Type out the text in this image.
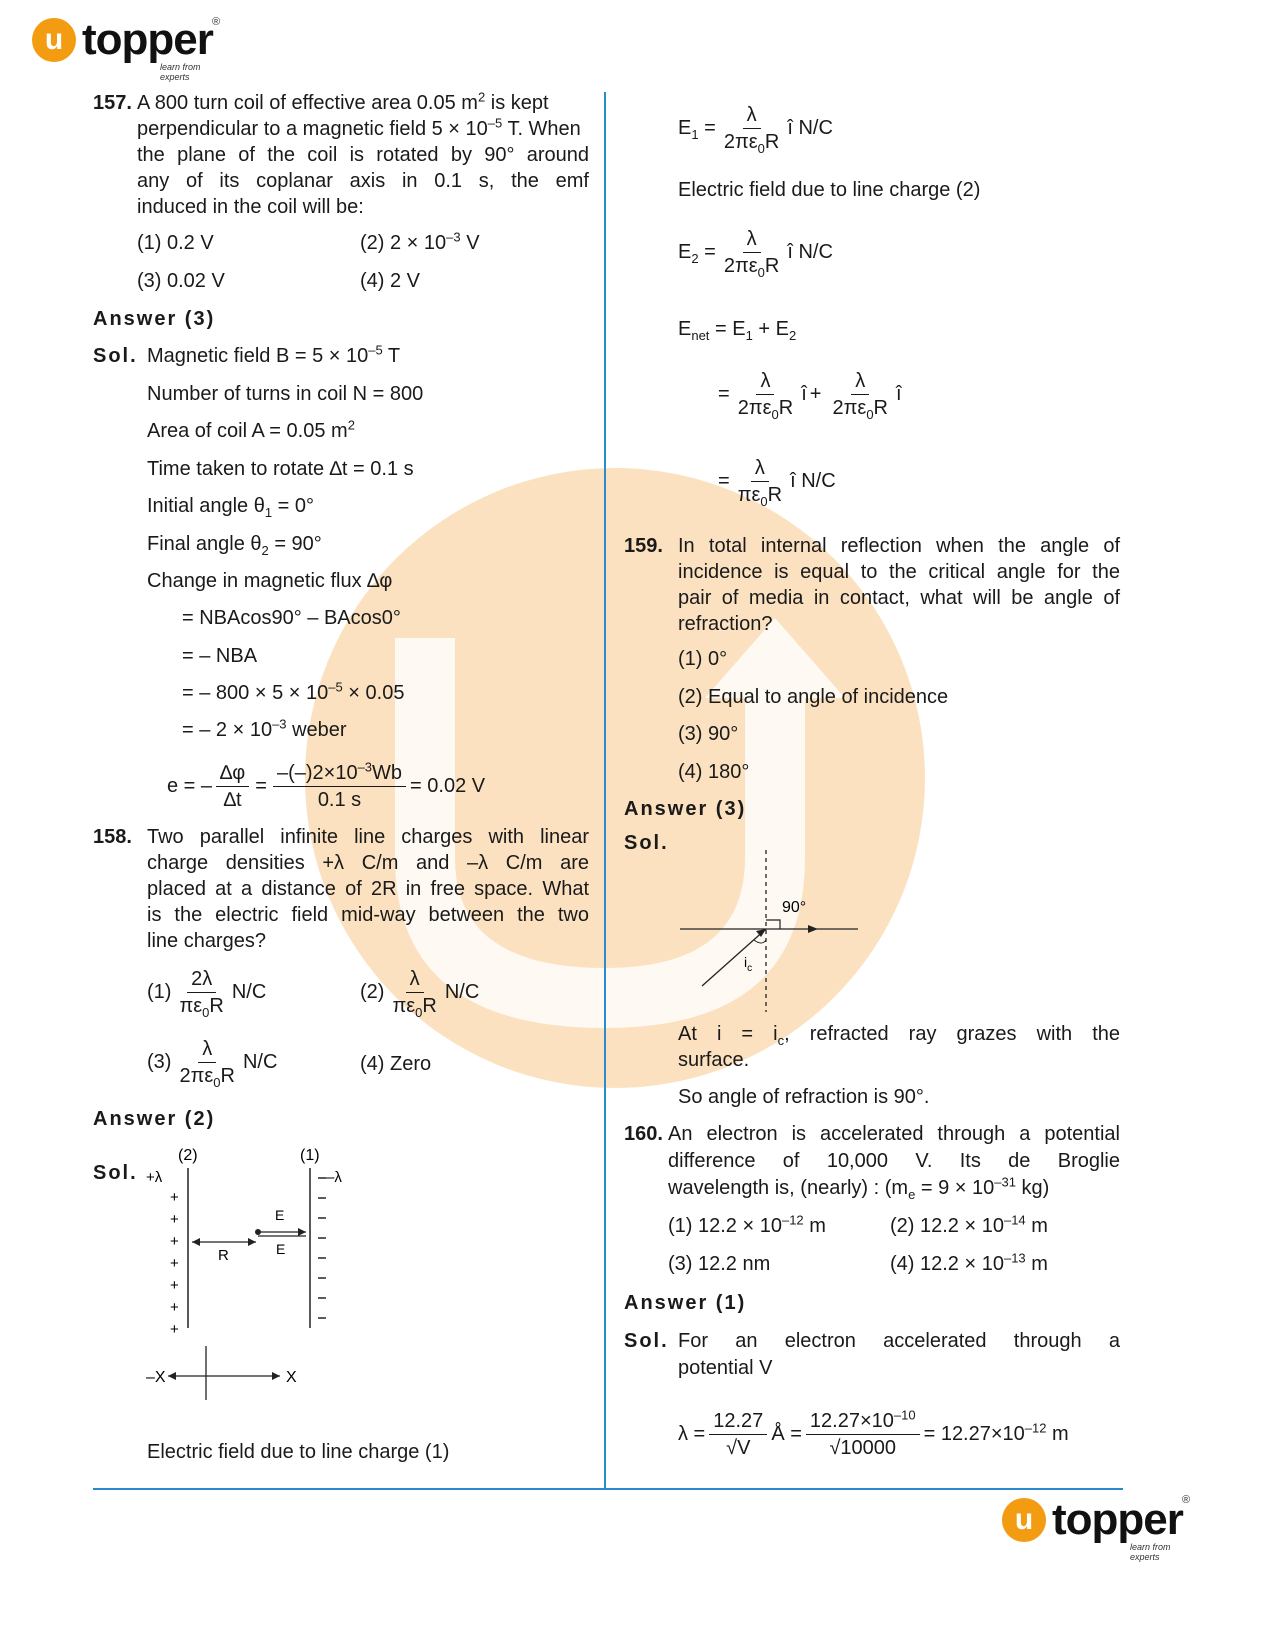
u topper ®
learn from experts
157. A 800 turn coil of effective area 0.05 $m^2$ is kept
perpendicular to a magnetic field $5 \times 10^{-5}$ T. When
the plane of the coil is rotated by 90° around
any of its coplanar axis in 0.1 s, the emf
induced in the coil will be:
(1) 0.2 V	(2) $2 \times 10^{-3}$ V
(3) 0.02 V	(4) 2 V
Answer (3)
Sol. Magnetic field $B = 5 \times 10^{-5}$ T
Number of turns in coil N = 800
Area of coil A = 0.05 $m^2$
Time taken to rotate ∆t = 0.1 s
Initial angle $\theta_1 = 0^\circ$
Final angle $\theta_2 = 90^\circ$
Change in magnetic flux ∆φ
= NBAcos90° – BAcos0°
= – NBA
= – $800 \times 5 \times 10^{-5} \times 0.05$
= – $2 \times 10^{-3}$ weber
e = – $\frac{\Delta\varphi}{\Delta t} = \frac{-(-)2\times 10^{-3}Wb}{0.1 s} = 0.02$ V
158. Two parallel infinite line charges with linear
charge densities +λ C/m and –λ C/m are
placed at a distance of 2R in free space. What
is the electric field mid-way between the two
line charges?
$(1) \frac{2\lambda}{\pi\varepsilon_0R} N/C$	$(2) \frac{\lambda}{\pi\varepsilon_0R} N/C$
$(3) \frac{\lambda}{2\pi\varepsilon_0R} N/C$	(4) Zero
Answer (2)
Sol.
(2)	(1)
+λ	–λ
+
+
+
+
+
+
+
R
E
E
–X	X
Electric field due to line charge (1)
$E_1 = \frac{\lambda}{2\pi\varepsilon_0R}$ î N/C
Electric field due to line charge (2)
$E_2 = \frac{\lambda}{2\pi\varepsilon_0R}$ î N/C
$E_{net} = E_1 + E_2$
= $\frac{\lambda}{2\pi\varepsilon_0R}$ î + $\frac{\lambda}{2\pi\varepsilon_0R}$ î
= $\frac{\lambda}{\pi\varepsilon_0R}$ î N/C
159. In total internal reflection when the angle of
incidence is equal to the critical angle for the
pair of media in contact, what will be angle of
refraction?
(1) 0°
(2) Equal to angle of incidence
(3) 90°
(4) 180°
Answer (3)
Sol.
90°
$i_c$
At $i = i_c$, refracted ray grazes with the
surface.
So angle of refraction is 90°.
160. An electron is accelerated through a potential
difference of 10,000 V. Its de Broglie
wavelength is, (nearly) : ($m_e = 9 \times 10^{-31}$ kg)
(1) $12.2 \times 10^{-12}$ m	(2) $12.2 \times 10^{-14}$ m
(3) 12.2 nm	(4) $12.2 \times 10^{-13}$ m
Answer (1)
Sol. For an electron accelerated through a
potential V
$\lambda = \frac{12.27}{√V}$ Å = $\frac{12.27\times 10^{-10}}{√10000} = 12.27\times 10^{-12}$ m
u topper ®
learn from experts
